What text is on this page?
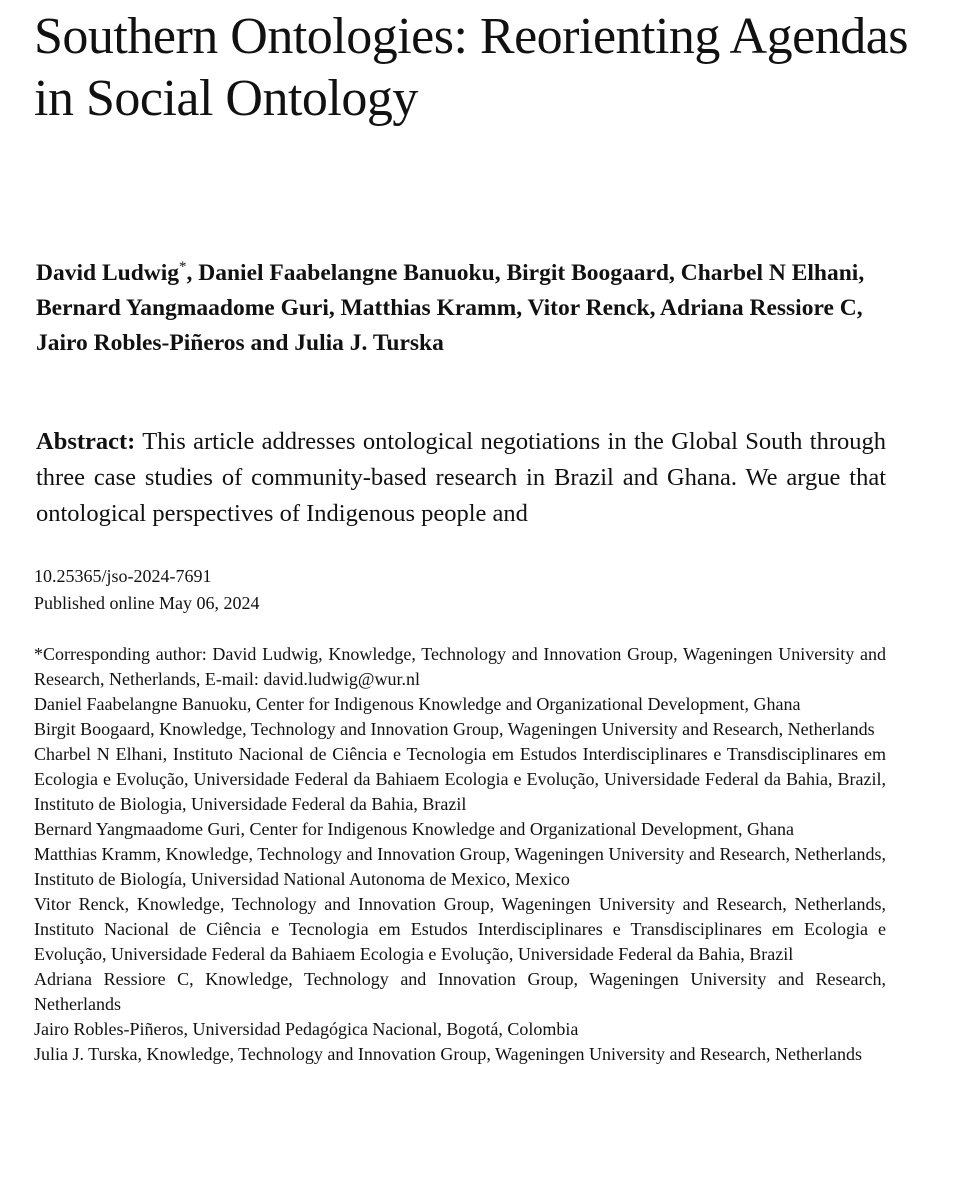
Southern Ontologies: Reorienting Agendas in Social Ontology

David Ludwig*, Daniel Faabelangne Banuoku, Birgit Boogaard, Charbel N Elhani, Bernard Yangmaadome Guri, Matthias Kramm, Vitor Renck, Adriana Ressiore C, Jairo Robles-Piñeros and Julia J. Turska

Abstract: This article addresses ontological negotiations in the Global South through three case studies of community-based research in Brazil and Ghana. We argue that ontological perspectives of Indigenous people and

10.25365/jso-2024-7691
Published online May 06, 2024

*Corresponding author: David Ludwig, Knowledge, Technology and Innovation Group, Wageningen University and Research, Netherlands, E-mail: david.ludwig@wur.nl

Daniel Faabelangne Banuoku, Center for Indigenous Knowledge and Organizational Development, Ghana

Birgit Boogaard, Knowledge, Technology and Innovation Group, Wageningen University and Research, Netherlands

Charbel N Elhani, Instituto Nacional de Ciência e Tecnologia em Estudos Interdisciplinares e Transdisciplinares em Ecologia e Evolução, Universidade Federal da Bahiaem Ecologia e Evolução, Universidade Federal da Bahia, Brazil, Instituto de Biologia, Universidade Federal da Bahia, Brazil

Bernard Yangmaadome Guri, Center for Indigenous Knowledge and Organizational Development, Ghana

Matthias Kramm, Knowledge, Technology and Innovation Group, Wageningen University and Research, Netherlands, Instituto de Biología, Universidad National Autonoma de Mexico, Mexico

Vitor Renck, Knowledge, Technology and Innovation Group, Wageningen University and Research, Netherlands, Instituto Nacional de Ciência e Tecnologia em Estudos Interdisciplinares e Transdisciplinares em Ecologia e Evolução, Universidade Federal da Bahiaem Ecologia e Evolução, Universidade Federal da Bahia, Brazil

Adriana Ressiore C, Knowledge, Technology and Innovation Group, Wageningen University and Research, Netherlands

Jairo Robles-Piñeros, Universidad Pedagógica Nacional, Bogotá, Colombia

Julia J. Turska, Knowledge, Technology and Innovation Group, Wageningen University and Research, Netherlands
